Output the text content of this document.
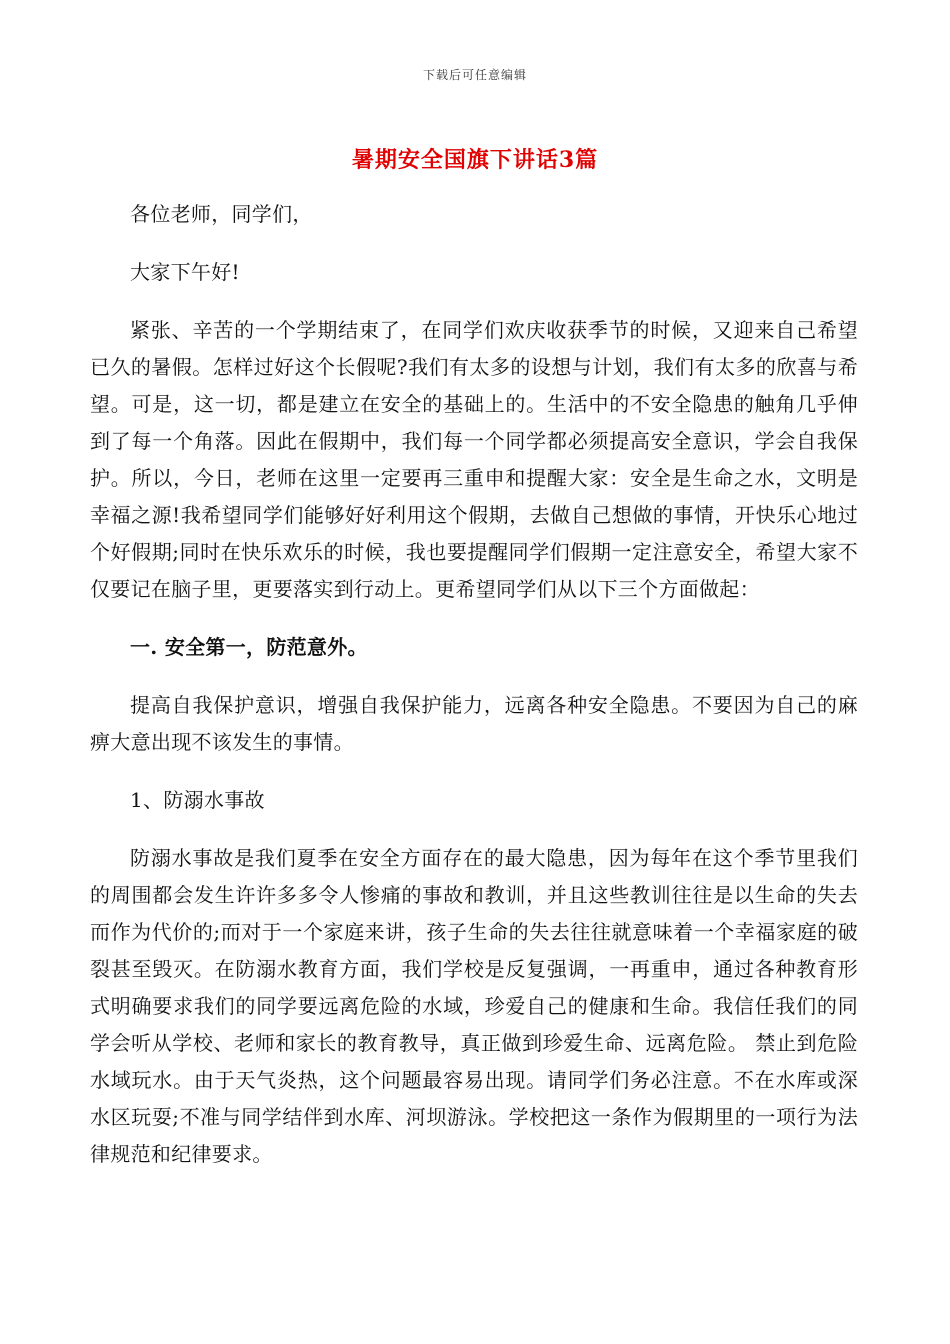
下载后可任意编辑
暑期安全国旗下讲话3篇

各位老师，同学们，

大家下午好!

紧张、辛苦的一个学期结束了，在同学们欢庆收获季节的时候，又迎来自己希望已久的暑假。怎样过好这个长假呢?我们有太多的设想与计划，我们有太多的欣喜与希望。可是，这一切，都是建立在安全的基础上的。生活中的不安全隐患的触角几乎伸到了每一个角落。因此在假期中，我们每一个同学都必须提高安全意识，学会自我保护。所以，今日，老师在这里一定要再三重申和提醒大家：安全是生命之水，文明是幸福之源!我希望同学们能够好好利用这个假期，去做自己想做的事情，开快乐心地过个好假期;同时在快乐欢乐的时候，我也要提醒同学们假期一定注意安全，希望大家不仅要记在脑子里，更要落实到行动上。更希望同学们从以下三个方面做起：

一. 安全第一，防范意外。

提高自我保护意识，增强自我保护能力，远离各种安全隐患。不要因为自己的麻痹大意出现不该发生的事情。

1、防溺水事故

防溺水事故是我们夏季在安全方面存在的最大隐患，因为每年在这个季节里我们的周围都会发生许许多多令人惨痛的事故和教训，并且这些教训往往是以生命的失去而作为代价的;而对于一个家庭来讲，孩子生命的失去往往就意味着一个幸福家庭的破裂甚至毁灭。在防溺水教育方面，我们学校是反复强调，一再重申，通过各种教育形式明确要求我们的同学要远离危险的水域，珍爱自己的健康和生命。我信任我们的同学会听从学校、老师和家长的教育教导，真正做到珍爱生命、远离危险。 禁止到危险水域玩水。由于天气炎热，这个问题最容易出现。请同学们务必注意。不在水库或深水区玩耍;不准与同学结伴到水库、河坝游泳。学校把这一条作为假期里的一项行为法律规范和纪律要求。
